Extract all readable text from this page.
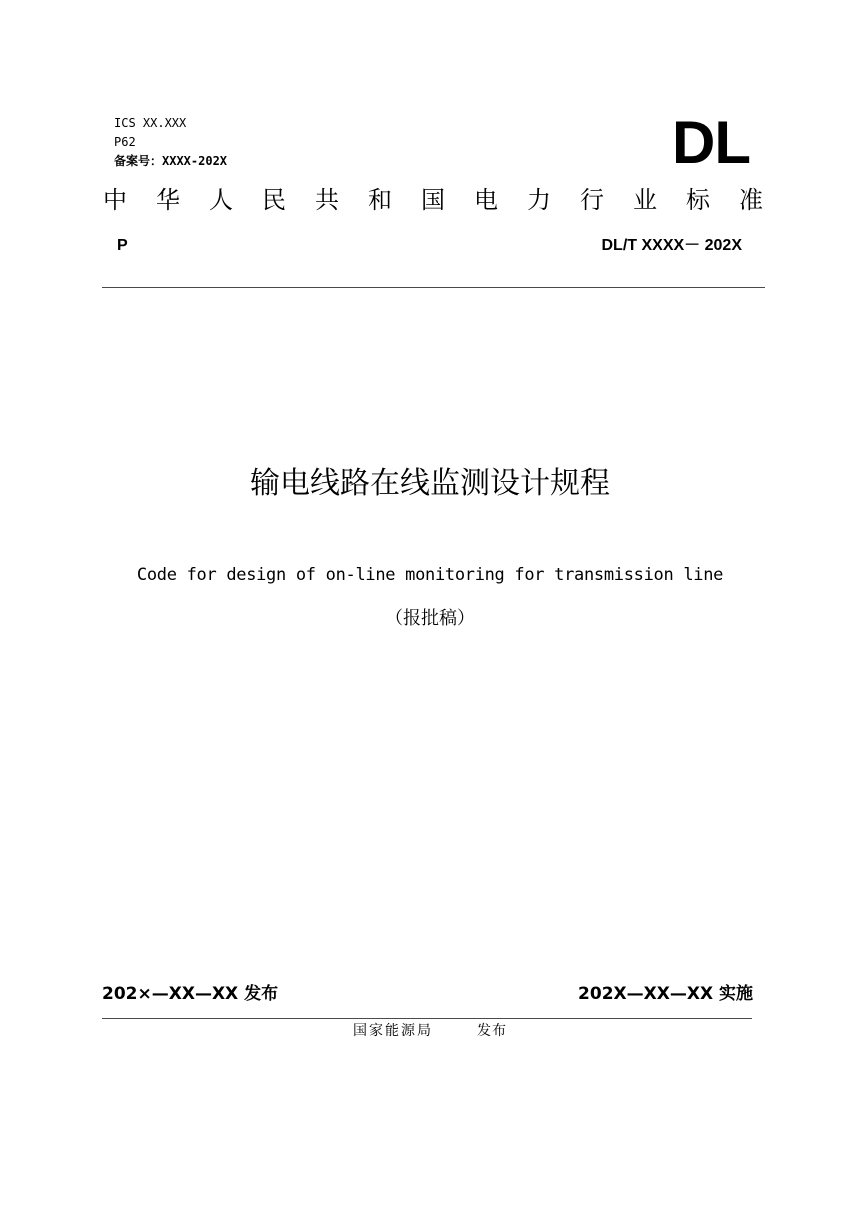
ICS XX.XXX
P62
备案号：XXXX-202X	DL
中 华 人 民 共 和 国 电 力 行 业 标 准
P	DL/T XXXX－ 202X
输电线路在线监测设计规程
Code for design of on-line monitoring for transmission line
（报批稿）
202×—XX—XX 发布	202X—XX—XX 实施
国家能源局	发布
